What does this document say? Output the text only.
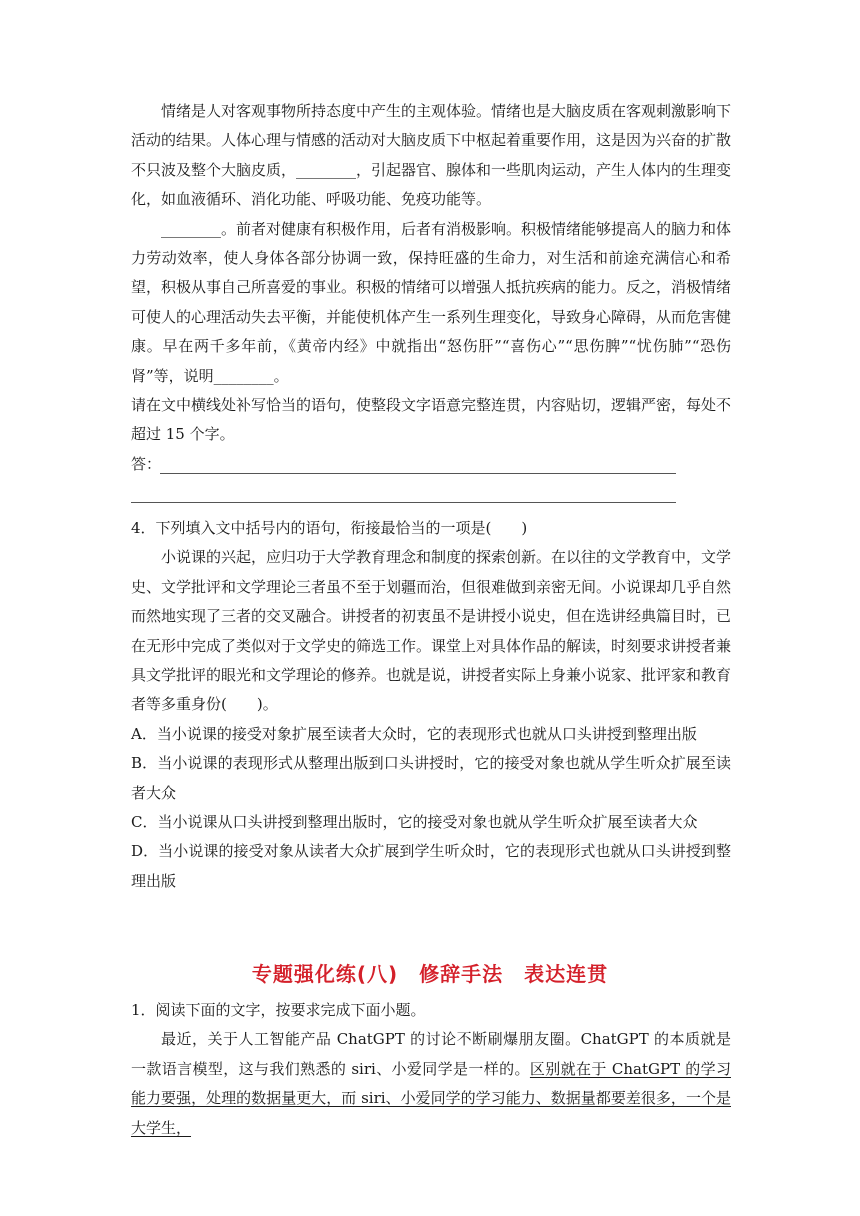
情绪是人对客观事物所持态度中产生的主观体验。情绪也是大脑皮质在客观刺激影响下活动的结果。人体心理与情感的活动对大脑皮质下中枢起着重要作用，这是因为兴奋的扩散不只波及整个大脑皮质，________，引起器官、腺体和一些肌肉运动，产生人体内的生理变化，如血液循环、消化功能、呼吸功能、免疫功能等。

________。前者对健康有积极作用，后者有消极影响。积极情绪能够提高人的脑力和体力劳动效率，使人身体各部分协调一致，保持旺盛的生命力，对生活和前途充满信心和希望，积极从事自己所喜爱的事业。积极的情绪可以增强人抵抗疾病的能力。反之，消极情绪可使人的心理活动失去平衡，并能使机体产生一系列生理变化，导致身心障碍，从而危害健康。早在两千多年前，《黄帝内经》中就指出“怒伤肝”“喜伤心”“思伤脾”“忧伤肺”“恐伤肾”等，说明________。

请在文中横线处补写恰当的语句，使整段文字语意完整连贯，内容贴切，逻辑严密，每处不超过 15 个字。

答：

4．下列填入文中括号内的语句，衔接最恰当的一项是(　　)

小说课的兴起，应归功于大学教育理念和制度的探索创新。在以往的文学教育中，文学史、文学批评和文学理论三者虽不至于划疆而治，但很难做到亲密无间。小说课却几乎自然而然地实现了三者的交叉融合。讲授者的初衷虽不是讲授小说史，但在选讲经典篇目时，已在无形中完成了类似对于文学史的筛选工作。课堂上对具体作品的解读，时刻要求讲授者兼具文学批评的眼光和文学理论的修养。也就是说，讲授者实际上身兼小说家、批评家和教育者等多重身份(　　)。

A．当小说课的接受对象扩展至读者大众时，它的表现形式也就从口头讲授到整理出版

B．当小说课的表现形式从整理出版到口头讲授时，它的接受对象也就从学生听众扩展至读者大众

C．当小说课从口头讲授到整理出版时，它的接受对象也就从学生听众扩展至读者大众

D．当小说课的接受对象从读者大众扩展到学生听众时，它的表现形式也就从口头讲授到整理出版

专题强化练(八)　修辞手法　表达连贯

1．阅读下面的文字，按要求完成下面小题。

最近，关于人工智能产品 ChatGPT 的讨论不断刷爆朋友圈。ChatGPT 的本质就是一款语言模型，这与我们熟悉的 siri、小爱同学是一样的。区别就在于 ChatGPT 的学习能力要强，处理的数据量更大，而 siri、小爱同学的学习能力、数据量都要差很多，一个是大学生，
